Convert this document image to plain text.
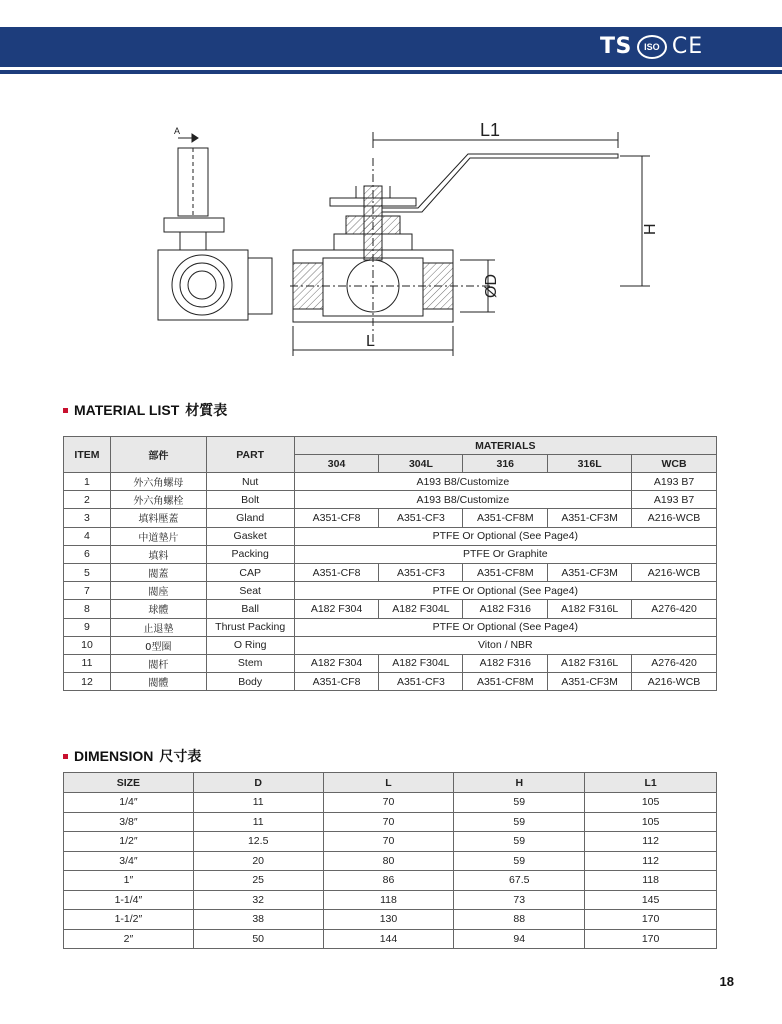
TS	ISO CE
L1
H
ØD
L
A
MATERIAL LIST 材質表
ITEM	部件	PART	MATERIALS				
			304	304L	316	316L	WCB
1	外六角螺母	Nut	A193 B8/Customize				A193 B7
2	外六角螺栓	Bolt	A193 B8/Customize				A193 B7
3	填料壓蓋	Gland	A351-CF8	A351-CF3	A351-CF8M	A351-CF3M	A216-WCB
4	中道墊片	Gasket	PTFE Or Optional (See Page4)				
6	填料	Packing	PTFE Or Graphite				
5	閥蓋	CAP	A351-CF8	A351-CF3	A351-CF8M	A351-CF3M	A216-WCB
7	閥座	Seat	PTFE Or Optional (See Page4)				
8	球體	Ball	A182 F304	A182 F304L	A182 F316	A182 F316L	A276-420
9	止退墊	Thrust Packing	PTFE Or Optional (See Page4)				
10	0型圈	O Ring	Viton / NBR				
11	閥杆	Stem	A182 F304	A182 F304L	A182 F316	A182 F316L	A276-420
12	閥體	Body	A351-CF8	A351-CF3	A351-CF8M	A351-CF3M	A216-WCB
DIMENSION 尺寸表
SIZE	D	L	H	L1
1/4″	11	70	59	105
3/8″	11	70	59	105
1/2″	12.5	70	59	112
3/4″	20	80	59	112
1″	25	86	67.5	118
1-1/4″	32	118	73	145
1-1/2″	38	130	88	170
2″	50	144	94	170
18
